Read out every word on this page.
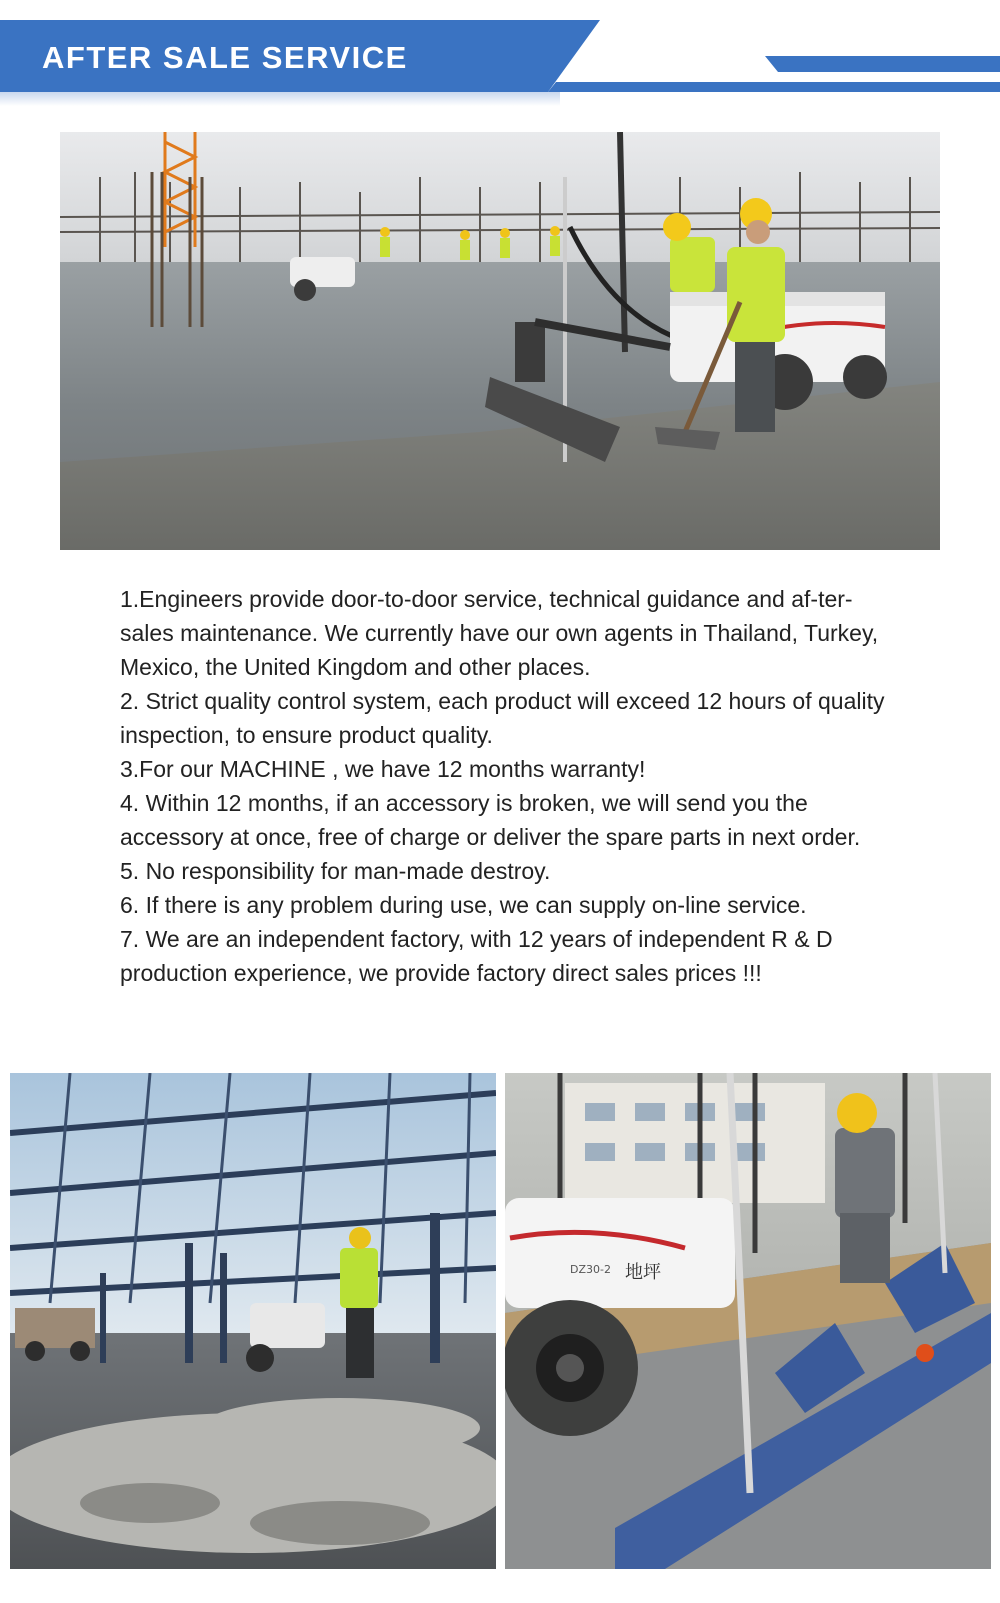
AFTER SALE SERVICE

1.Engineers provide door-to-door service, technical guidance and af-ter-sales maintenance. We currently have our own agents in Thailand, Turkey, Mexico, the United Kingdom and other places.

2. Strict quality control system, each product will exceed 12 hours of quality inspection, to ensure product quality.

3.For our MACHINE , we have 12 months warranty!

4. Within 12 months, if an accessory is broken, we will send you the accessory at once, free of charge or deliver the spare parts in next order.

5. No responsibility for man-made destroy.

6. If there is any problem during use, we can supply on-line service.

7. We are an independent factory, with 12 years of independent R & D production experience, we provide factory direct sales prices !!!

DZ30-2 地坪
